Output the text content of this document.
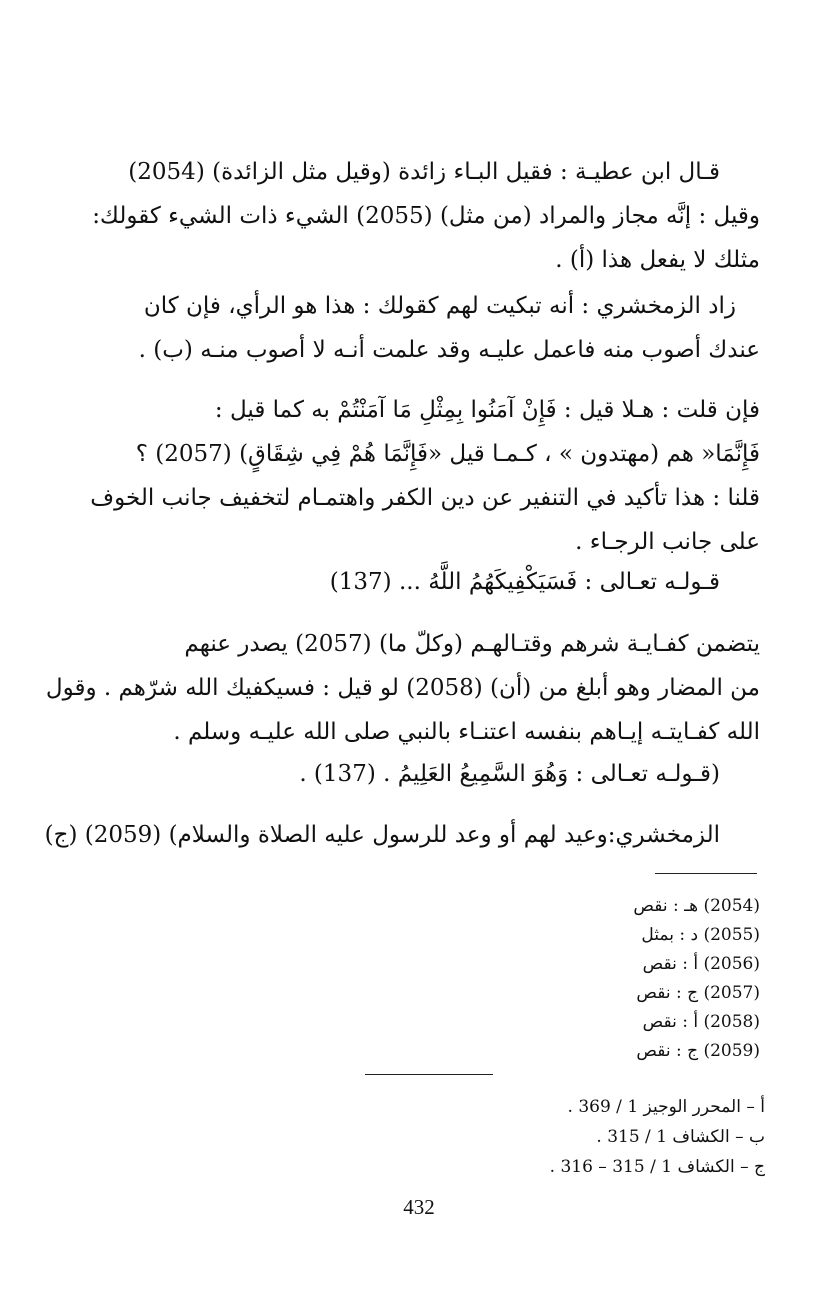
قـال ابن عطيـة : فقيل البـاء زائدة (وقيل مثل الزائدة) (2054)
وقيل : إنَّه مجاز والمراد (من مثل) (2055) الشيء ذات الشيء كقولك:
مثلك لا يفعل هذا (أ) .
زاد الزمخشري : أنه تبكيت لهم كقولك : هذا هو الرأي، فإن كان
عندك أصوب منه فاعمل عليـه وقد علمت أنـه لا أصوب منـه (ب) .
فإن قلت : هـلا قيل : فَإِنْ آمَنُوا بِمِثْلِ مَا آمَنْتُمْ به كما قيل :
فَإِنَّمَا« هم (مهتدون » ، كـمـا قيل «فَإِنَّمَا هُمْ فِي شِقَاقٍ) (2057) ؟
قلنا : هذا تأكيد في التنفير عن دين الكفر واهتمـام لتخفيف جانب الخوف
على جانب الرجـاء .
قـولـه تعـالى : فَسَيَكْفِيكَهُمُ اللَّهُ ... (137)
يتضمن كفـايـة شرهم وقتـالهـم (وكلّ ما) (2057) يصدر عنهم
من المضار وهو أبلغ من (أن) (2058) لو قيل : فسيكفيك الله شرّهم . وقول
الله كفـايتـه إيـاهم بنفسه اعتنـاء بالنبي صلى الله عليـه وسلم .
(قـولـه تعـالى : وَهُوَ السَّمِيعُ العَلِيمُ . (137) .
الزمخشري:وعيد لهم أو وعد للرسول عليه الصلاة والسلام) (2059) (ج)
(2054) هـ : نقص
(2055) د : بمثل
(2056) أ : نقص
(2057) ج : نقص
(2058) أ : نقص
(2059) ج : نقص
أ – المحرر الوجيز 1 / 369 .
ب – الكشاف 1 / 315 .
ج – الكشاف 1 / 315 – 316 .
432
